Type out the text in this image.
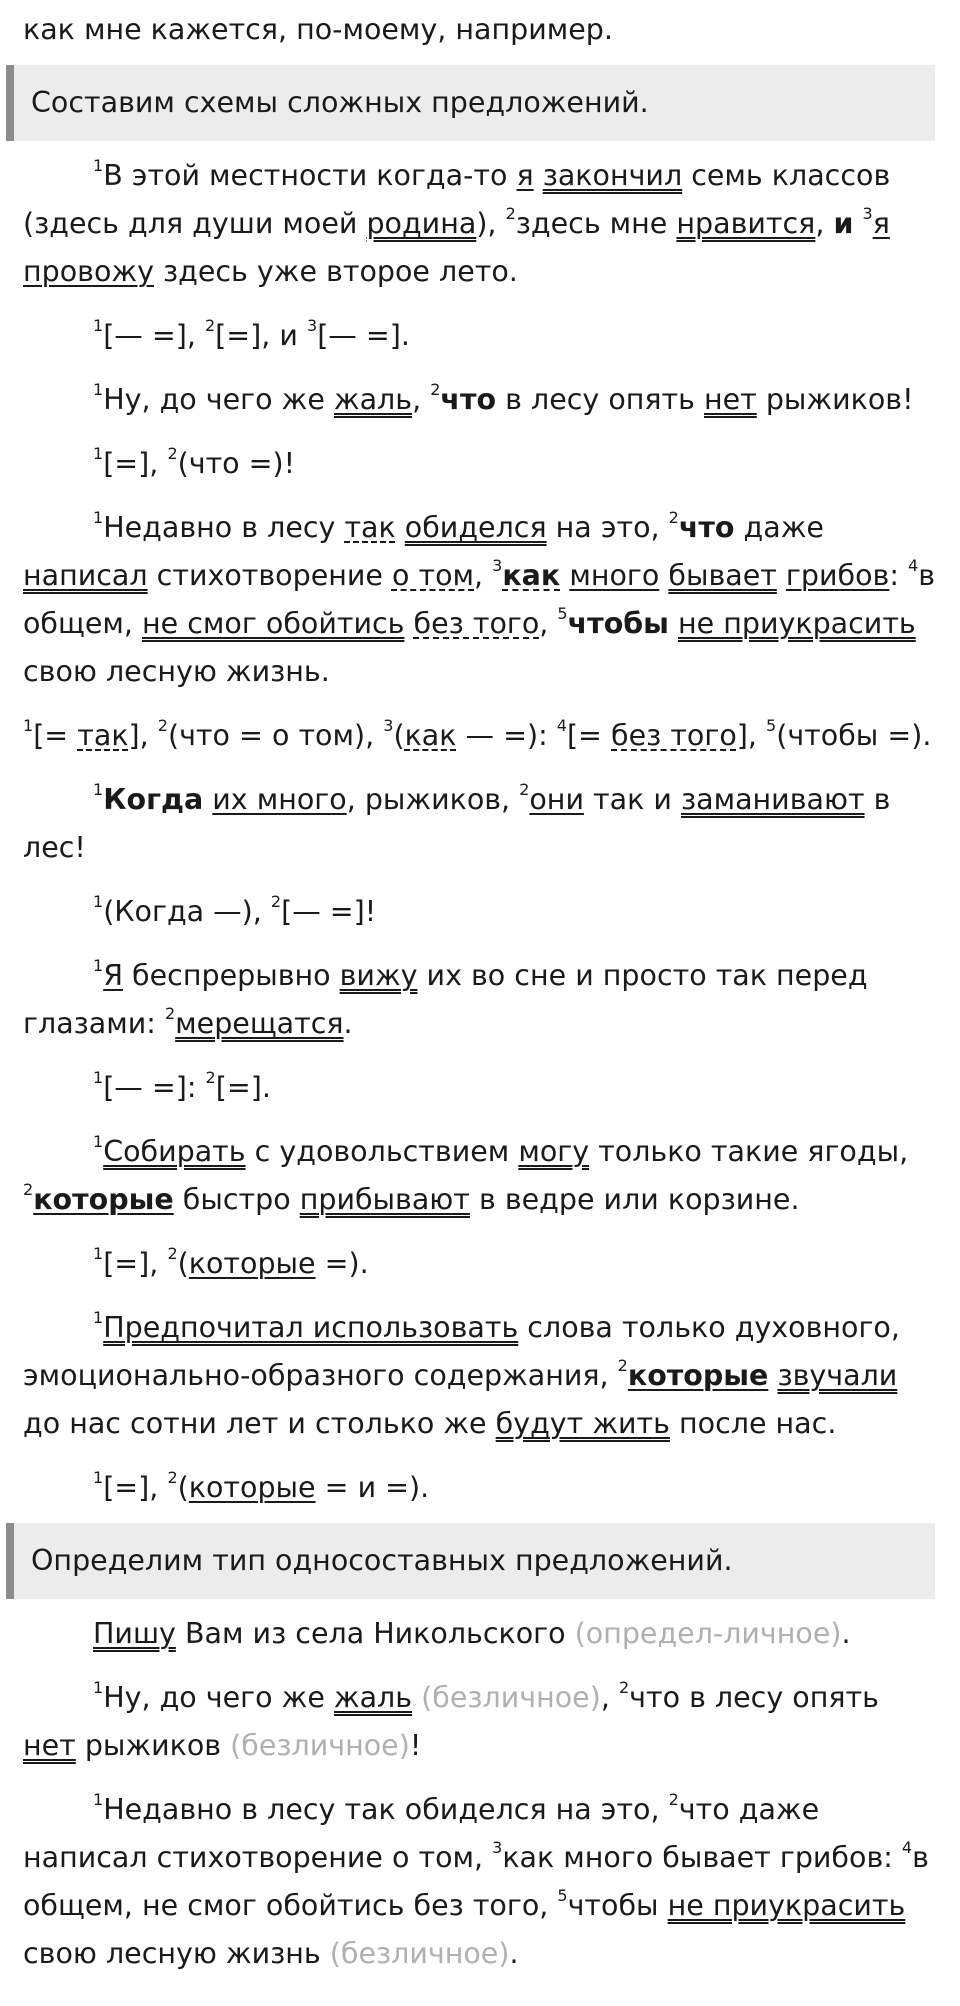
как мне кажется, по-моему, например.

Составим схемы сложных предложений.

$^1$В этой местности когда-то я закончил семь классов (здесь для души моей родина), $^2$здесь мне нравится, и $^3$я провожу здесь уже второе лето.

$^1$[— =], $^2$[=], и $^3$[— =].

$^1$Ну, до чего же жаль, $^2$что в лесу опять нет рыжиков!

$^1$[=], $^2$(что =)!

$^1$Недавно в лесу так обиделся на это, $^2$что даже написал стихотворение о том, $^3$как много бывает грибов: $^4$в общем, не смог обойтись без того, $^5$чтобы не приукрасить свою лесную жизнь.

$^1$[= так], $^2$(что = о том), $^3$(как — =): $^4$[= без того], $^5$(чтобы =).

$^1$Когда их много, рыжиков, $^2$они так и заманивают в лес!

$^1$(Когда —), $^2$[— =]!

$^1$Я беспрерывно вижу их во сне и просто так перед глазами: $^2$мерещатся.

$^1$[— =]: $^2$[=].

$^1$Собирать с удовольствием могу только такие ягоды, $^2$которые быстро прибывают в ведре или корзине.

$^1$[=], $^2$(которые =).

$^1$Предпочитал использовать слова только духовного, эмоционально-образного содержания, $^2$которые звучали до нас сотни лет и столько же будут жить после нас.

$^1$[=], $^2$(которые = и =).

Определим тип односоставных предложений.

Пишу Вам из села Никольского (определ-личное).

$^1$Ну, до чего же жаль (безличное), $^2$что в лесу опять нет рыжиков (безличное)!

$^1$Недавно в лесу так обиделся на это, $^2$что даже написал стихотворение о том, $^3$как много бывает грибов: $^4$в общем, не смог обойтись без того, $^5$чтобы не приукрасить свою лесную жизнь (безличное).
